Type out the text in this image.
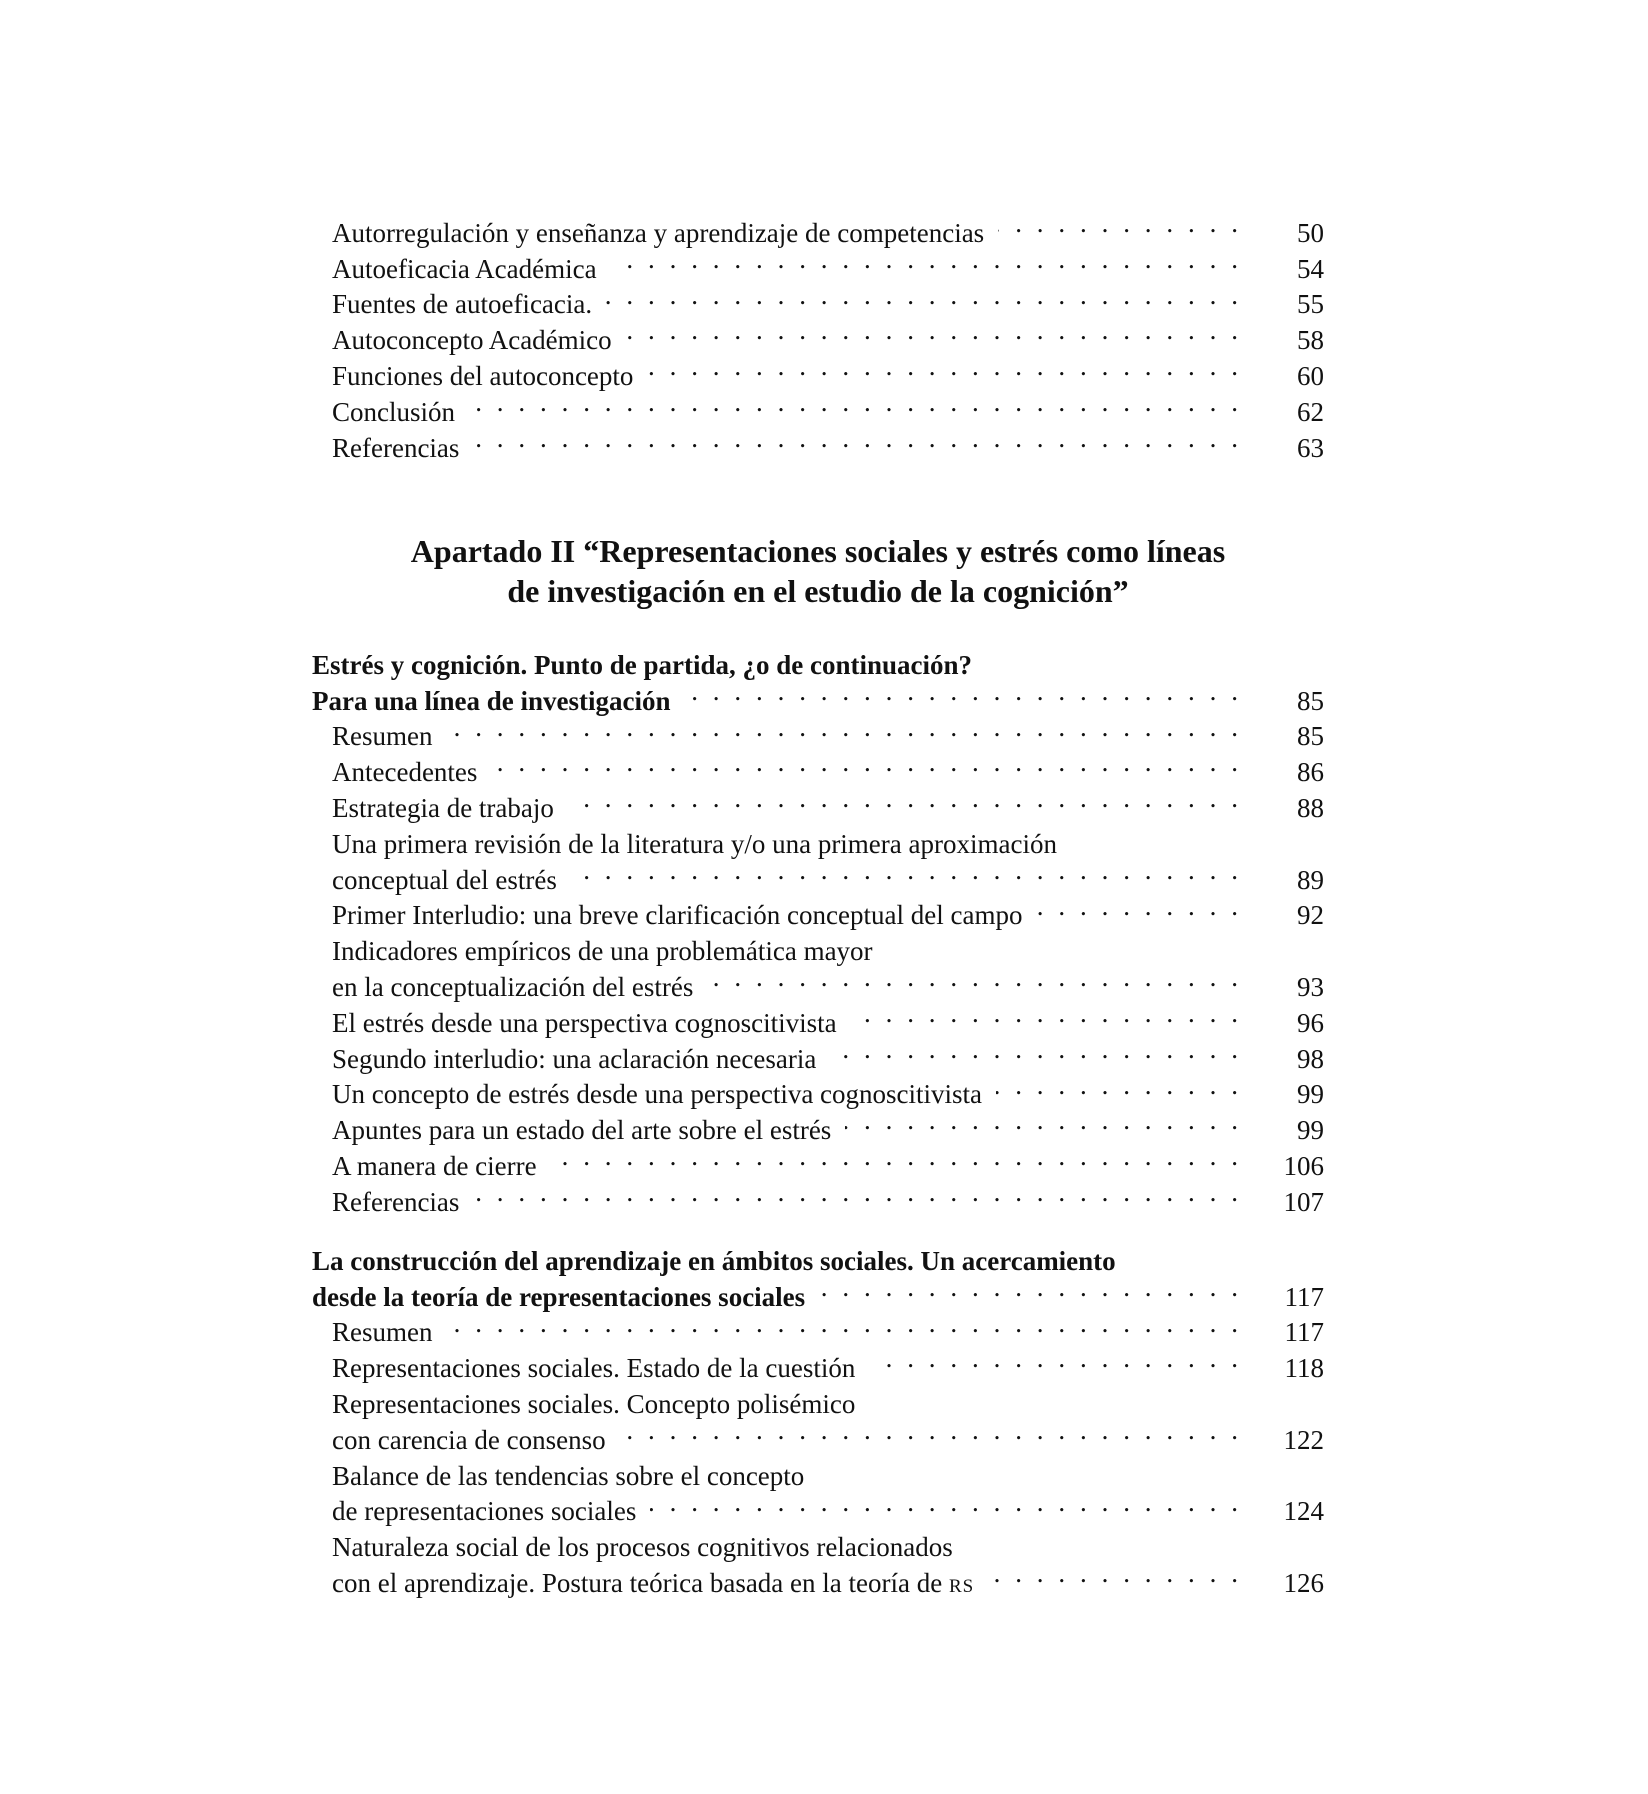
Autorregulación y enseñanza y aprendizaje de competencias . . .	50
Autoeficacia Académica . . .	54
Fuentes de autoeficacia. . . .	55
Autoconcepto Académico . . .	58
Funciones del autoconcepto . . .	60
Conclusión . . .	62
Referencias . . .	63
Apartado II “Representaciones sociales y estrés como líneas
de investigación en el estudio de la cognición”
Estrés y cognición. Punto de partida, ¿o de continuación?
Para una línea de investigación . . .	85
Resumen . . .	85
Antecedentes . . .	86
Estrategia de trabajo . . .	88
Una primera revisión de la literatura y/o una primera aproximación
conceptual del estrés . . .	89
Primer Interludio: una breve clarificación conceptual del campo . . .	92
Indicadores empíricos de una problemática mayor
en la conceptualización del estrés . . .	93
El estrés desde una perspectiva cognoscitivista . . .	96
Segundo interludio: una aclaración necesaria . . .	98
Un concepto de estrés desde una perspectiva cognoscitivista . . .	99
Apuntes para un estado del arte sobre el estrés . . .	99
A manera de cierre . . .	106
Referencias . . .	107
La construcción del aprendizaje en ámbitos sociales. Un acercamiento
desde la teoría de representaciones sociales . . .	117
Resumen . . .	117
Representaciones sociales. Estado de la cuestión . . .	118
Representaciones sociales. Concepto polisémico
con carencia de consenso . . .	122
Balance de las tendencias sobre el concepto
de representaciones sociales . . .	124
Naturaleza social de los procesos cognitivos relacionados
con el aprendizaje. Postura teórica basada en la teoría de RS . . .	126
